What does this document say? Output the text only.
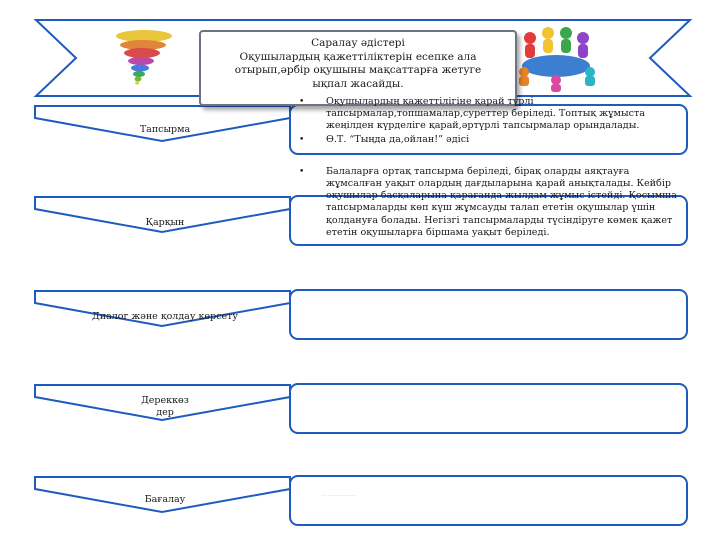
Саралау әдістері
Оқушылардың қажеттіліктерін есепке ала
отырып,әрбір оқушыны мақсаттарға жетуге
ықпал жасайды.
Тапсырма
Қарқын
Диалог және қолдау көрсету
Дереккөз
дер
Бағалау
• Оқушылардың қажеттілігіне қарай түрлі тапсырмалар,топшамалар,суреттер беріледі. Топтық жұмыста жеңілден күрделіге қарай,әртүрлі тапсырмалар орындалады.
• Ө.Т. “Тыңда да,ойлан!” әдісі
• Балаларға ортақ тапсырма беріледі, бірақ оларды аяқтауға жұмсалған уақыт олардың дағдыларына қарай анықталады. Кейбір оқушылар басқаларына қарағанда жылдам жұмыс істейді. Қосымша тапсырмаларды көп күш жұмсауды талап ететін оқушылар үшін қолдануға болады. Негізгі тапсырмаларды түсіндіруге көмек қажет ететін оқушыларға біршама уақыт беріледі.
······························
